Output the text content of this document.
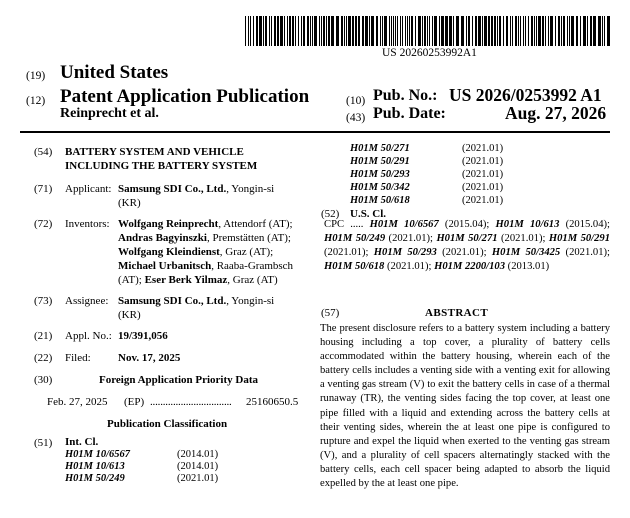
US 20260253992A1
(19) United States
(12) Patent Application Publication
Reinprecht et al.
(10) Pub. No.: US 2026/0253992 A1
(43) Pub. Date:	Aug. 27, 2026
(54) BATTERY SYSTEM AND VEHICLE
INCLUDING THE BATTERY SYSTEM
(71) Applicant: Samsung SDI Co., Ltd., Yongin-si
(KR)
(72) Inventors: Wolfgang Reinprecht, Attendorf (AT);
Andras Bagyinszki, Premstätten (AT);
Wolfgang Kleindienst, Graz (AT);
Michael Urbanitsch, Raaba-Grambsch
(AT); Eser Berk Yilmaz, Graz (AT)
(73) Assignee: Samsung SDI Co., Ltd., Yongin-si
(KR)
(21) Appl. No.: 19/391,056
(22) Filed: Nov. 17, 2025
(30)	Foreign Application Priority Data
Feb. 27, 2025 (EP) ................................ 25160650.5
Publication Classification
(51) Int. Cl.
H01M 10/6567	(2014.01)
H01M 10/613	(2014.01)
H01M 50/249	(2021.01)
H01M 50/271	(2021.01)
H01M 50/291	(2021.01)
H01M 50/293	(2021.01)
H01M 50/342	(2021.01)
H01M 50/618	(2021.01)
(52) U.S. Cl.
CPC ..... H01M 10/6567 (2015.04); H01M 10/613 (2015.04); H01M 50/249 (2021.01); H01M 50/271 (2021.01); H01M 50/291 (2021.01); H01M 50/293 (2021.01); H01M 50/3425 (2021.01); H01M 50/618 (2021.01); H01M 2200/103 (2013.01)
(57)	ABSTRACT
The present disclosure refers to a battery system including a battery housing including a top cover, a plurality of battery cells accommodated within the battery housing, wherein each of the battery cells includes a venting side with a venting exit for allowing a venting gas stream (V) to exit the battery cells in case of a thermal runaway (TR), the venting sides facing the top cover, at least one pipe filled with a liquid and extending across the battery cells at their venting sides, wherein the at least one pipe is configured to rupture and expel the liquid when exerted to the venting gas stream (V), and a plurality of cell spacers alternatingly stacked with the battery cells, each cell spacer being adapted to absorb the liquid expelled by the at least one pipe.
